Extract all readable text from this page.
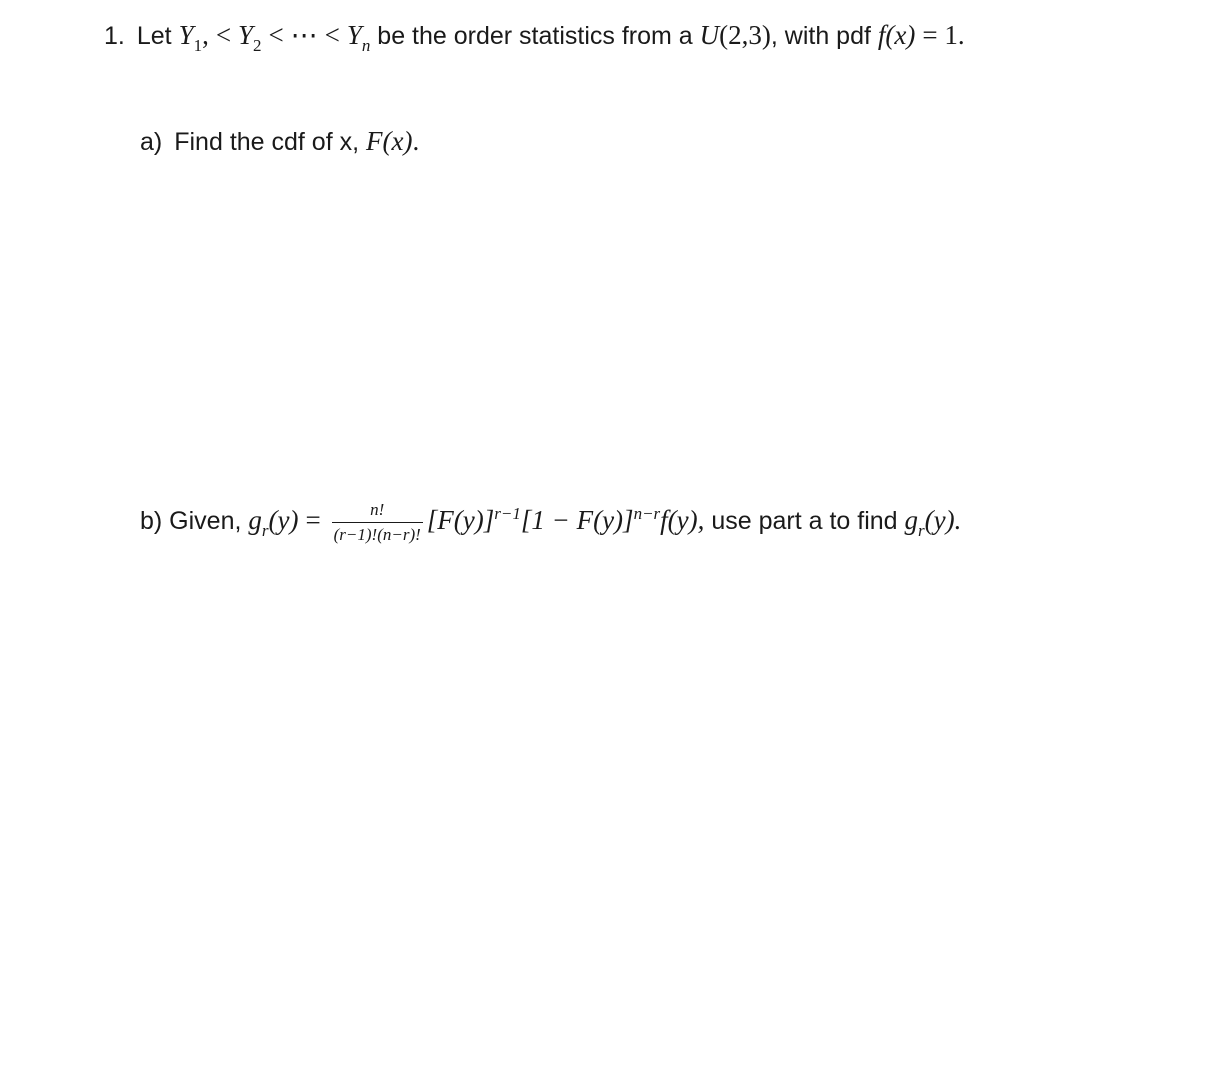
1. Let $Y_1$, < $Y_2$ < ⋯ < $Y_n$ be the order statistics from a U(2,3), with pdf f(x) = 1.
a) Find the cdf of x, F(x).
b) Given, $g_r(y) = \frac{n!}{(r-1)!(n-r)!} [F(y)]^{r-1}[1 - F(y)]^{n-r}f(y)$, use part a to find $g_r(y)$.
